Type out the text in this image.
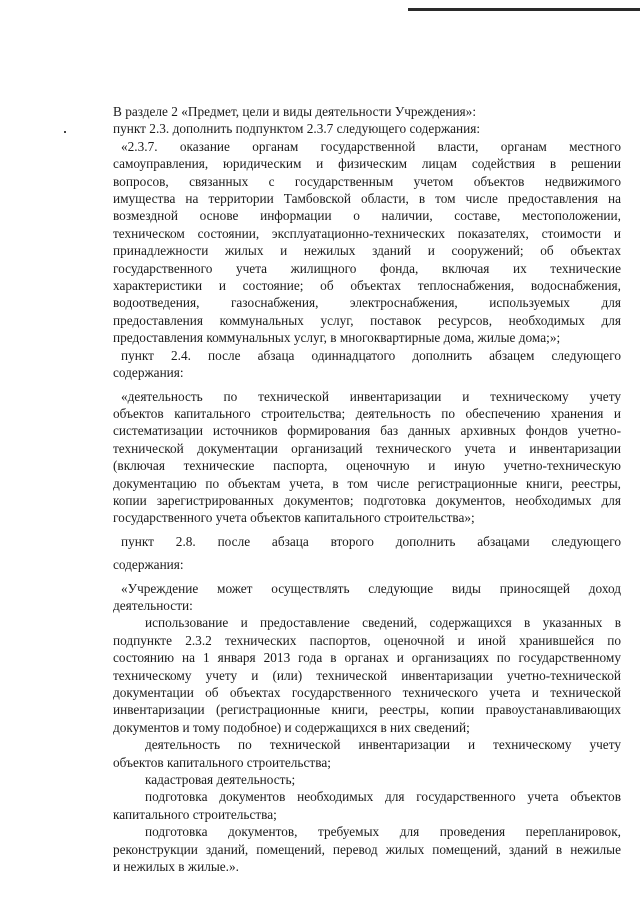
В разделе 2 «Предмет, цели и виды деятельности Учреждения»:
пункт 2.3. дополнить подпунктом 2.3.7 следующего содержания:
«2.3.7. оказание органам государственной власти, органам местного
самоуправления, юридическим и физическим лицам содействия в решении
вопросов, связанных с государственным учетом объектов недвижимого
имущества на территории Тамбовской области, в том числе предоставления на
возмездной основе информации о наличии, составе, местоположении,
техническом состоянии, эксплуатационно-технических показателях, стоимости и
принадлежности жилых и нежилых зданий и сооружений; об объектах
государственного учета жилищного фонда, включая их технические
характеристики и состояние; об объектах теплоснабжения, водоснабжения,
водоотведения, газоснабжения, электроснабжения, используемых для
предоставления коммунальных услуг, поставок ресурсов, необходимых для
предоставления коммунальных услуг, в многоквартирные дома, жилые дома;»;
пункт 2.4. после абзаца одиннадцатого дополнить абзацем следующего
содержания:
«деятельность по технической инвентаризации и техническому учету
объектов капитального строительства; деятельность по обеспечению хранения и
систематизации источников формирования баз данных архивных фондов учетно-
технической документации организаций технического учета и инвентаризации
(включая технические паспорта, оценочную и иную учетно-техническую
документацию по объектам учета, в том числе регистрационные книги, реестры,
копии зарегистрированных документов; подготовка документов, необходимых для
государственного учета объектов капитального строительства»;
пункт 2.8. после абзаца второго дополнить абзацами следующего
содержания:
«Учреждение может осуществлять следующие виды приносящей доход
деятельности:
использование и предоставление сведений, содержащихся в указанных в
подпункте 2.3.2 технических паспортов, оценочной и иной хранившейся по
состоянию на 1 января 2013 года в органах и организациях по государственному
техническому учету и (или) технической инвентаризации учетно-технической
документации об объектах государственного технического учета и технической
инвентаризации (регистрационные книги, реестры, копии правоустанавливающих
документов и тому подобное) и содержащихся в них сведений;
деятельность по технической инвентаризации и техническому учету
объектов капитального строительства;
кадастровая деятельность;
подготовка документов необходимых для государственного учета объектов
капитального строительства;
подготовка документов, требуемых для проведения перепланировок,
реконструкции зданий, помещений, перевод жилых помещений, зданий в нежилые
и нежилых в жилые.».
